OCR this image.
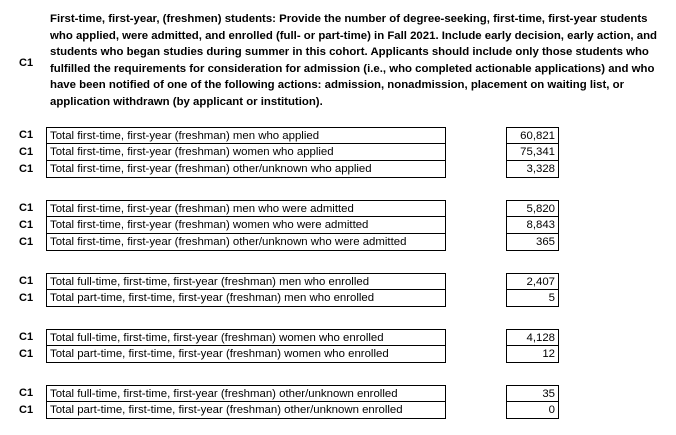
C1
First-time, first-year, (freshmen) students: Provide the number of degree-seeking, first-time, first-year students who applied, were admitted, and enrolled (full- or part-time) in Fall 2021. Include early decision, early action, and students who began studies during summer in this cohort. Applicants should include only those students who fulfilled the requirements for consideration for admission (i.e., who completed actionable applications) and who have been notified of one of the following actions: admission, nonadmission, placement on waiting list, or application withdrawn (by applicant or institution).
C1	Total first-time, first-year (freshman) men who applied	60,821
C1	Total first-time, first-year (freshman) women who applied	75,341
C1	Total first-time, first-year (freshman) other/unknown who applied	3,328
C1	Total first-time, first-year (freshman) men who were admitted	5,820
C1	Total first-time, first-year (freshman) women who were admitted	8,843
C1	Total first-time, first-year (freshman) other/unknown who were admitted	365
C1	Total full-time, first-time, first-year (freshman) men who enrolled	2,407
C1	Total part-time, first-time, first-year (freshman) men who enrolled	5
C1	Total full-time, first-time, first-year (freshman) women who enrolled	4,128
C1	Total part-time, first-time, first-year (freshman) women who enrolled	12
C1	Total full-time, first-time, first-year (freshman) other/unknown enrolled	35
C1	Total part-time, first-time, first-year (freshman) other/unknown enrolled	0
